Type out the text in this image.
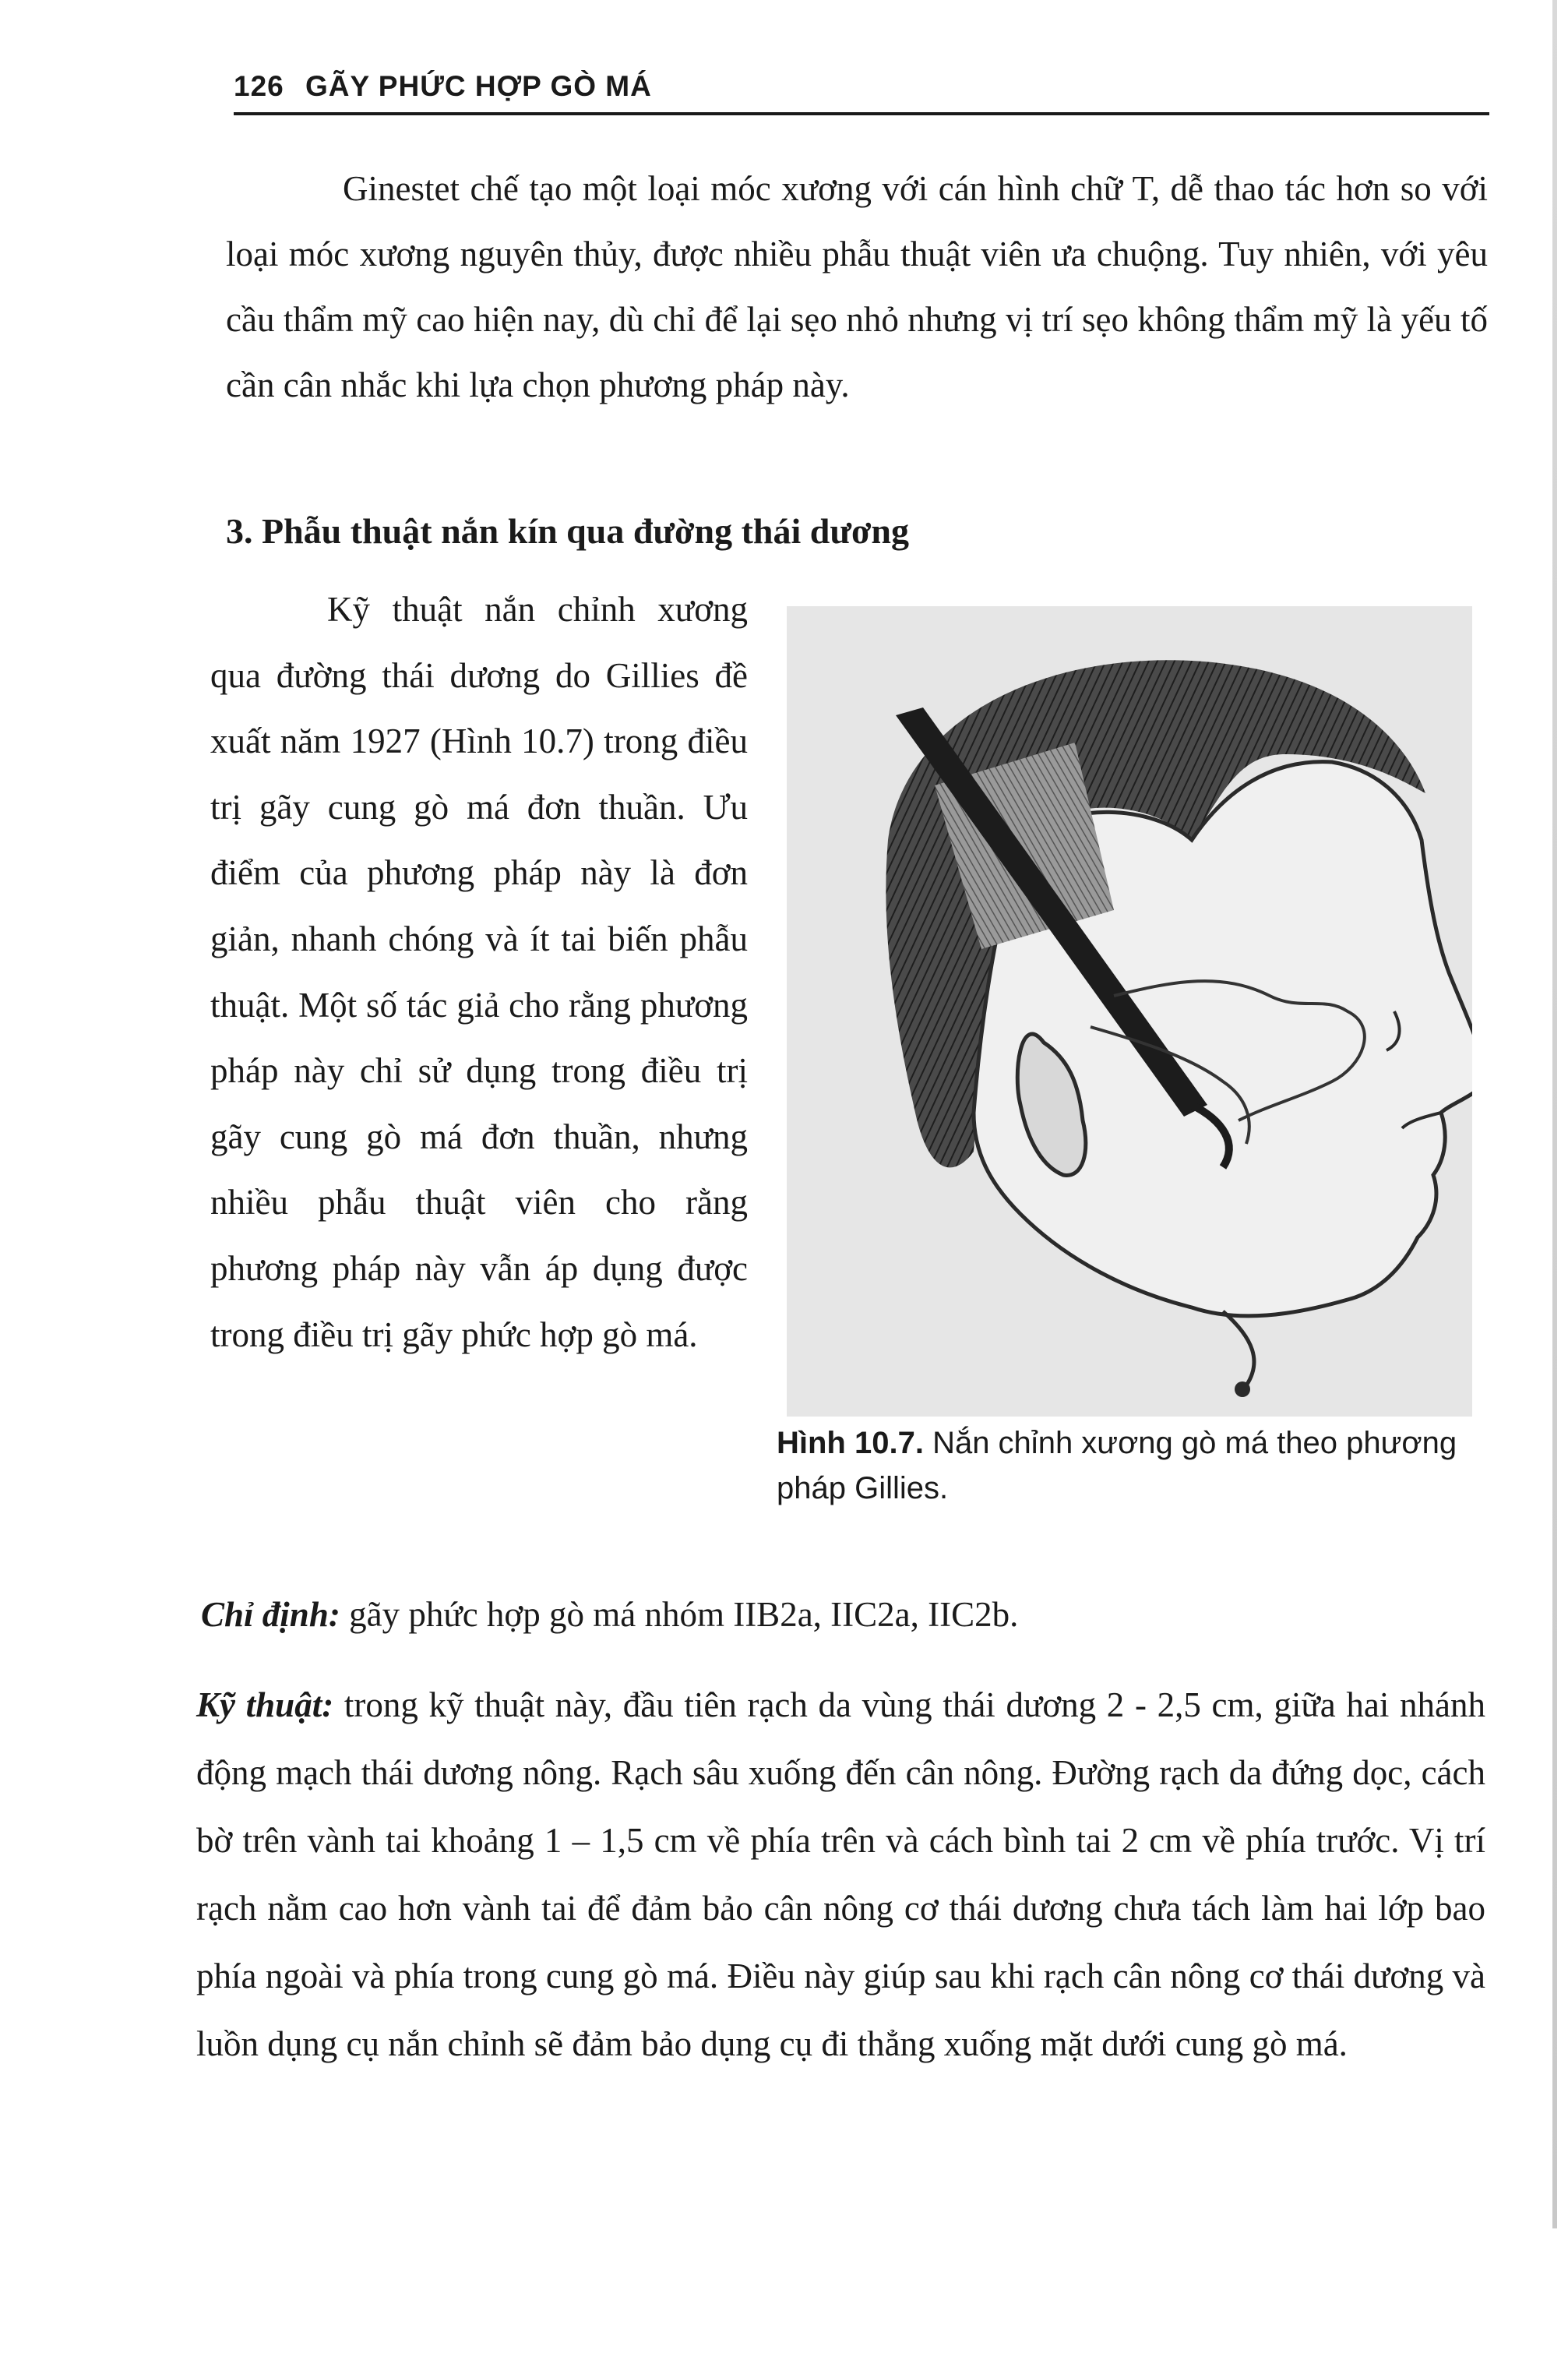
126 GÃY PHỨC HỢP GÒ MÁ

Ginestet chế tạo một loại móc xương với cán hình chữ T, dễ thao tác hơn so với loại móc xương nguyên thủy, được nhiều phẫu thuật viên ưa chuộng. Tuy nhiên, với yêu cầu thẩm mỹ cao hiện nay, dù chỉ để lại sẹo nhỏ nhưng vị trí sẹo không thẩm mỹ là yếu tố cần cân nhắc khi lựa chọn phương pháp này.

3. Phẫu thuật nắn kín qua đường thái dương

Kỹ thuật nắn chỉnh xương qua đường thái dương do Gillies đề xuất năm 1927 (Hình 10.7) trong điều trị gãy cung gò má đơn thuần. Ưu điểm của phương pháp này là đơn giản, nhanh chóng và ít tai biến phẫu thuật. Một số tác giả cho rằng phương pháp này chỉ sử dụng trong điều trị gãy cung gò má đơn thuần, nhưng nhiều phẫu thuật viên cho rằng phương pháp này vẫn áp dụng được trong điều trị gãy phức hợp gò má.

Hình 10.7. Nắn chỉnh xương gò má theo phương pháp Gillies.

Chỉ định: gãy phức hợp gò má nhóm IIB2a, IIC2a, IIC2b.

Kỹ thuật: trong kỹ thuật này, đầu tiên rạch da vùng thái dương 2 - 2,5 cm, giữa hai nhánh động mạch thái dương nông. Rạch sâu xuống đến cân nông. Đường rạch da đứng dọc, cách bờ trên vành tai khoảng 1 – 1,5 cm về phía trên và cách bình tai 2 cm về phía trước. Vị trí rạch nằm cao hơn vành tai để đảm bảo cân nông cơ thái dương chưa tách làm hai lớp bao phía ngoài và phía trong cung gò má. Điều này giúp sau khi rạch cân nông cơ thái dương và luồn dụng cụ nắn chỉnh sẽ đảm bảo dụng cụ đi thẳng xuống mặt dưới cung gò má.
